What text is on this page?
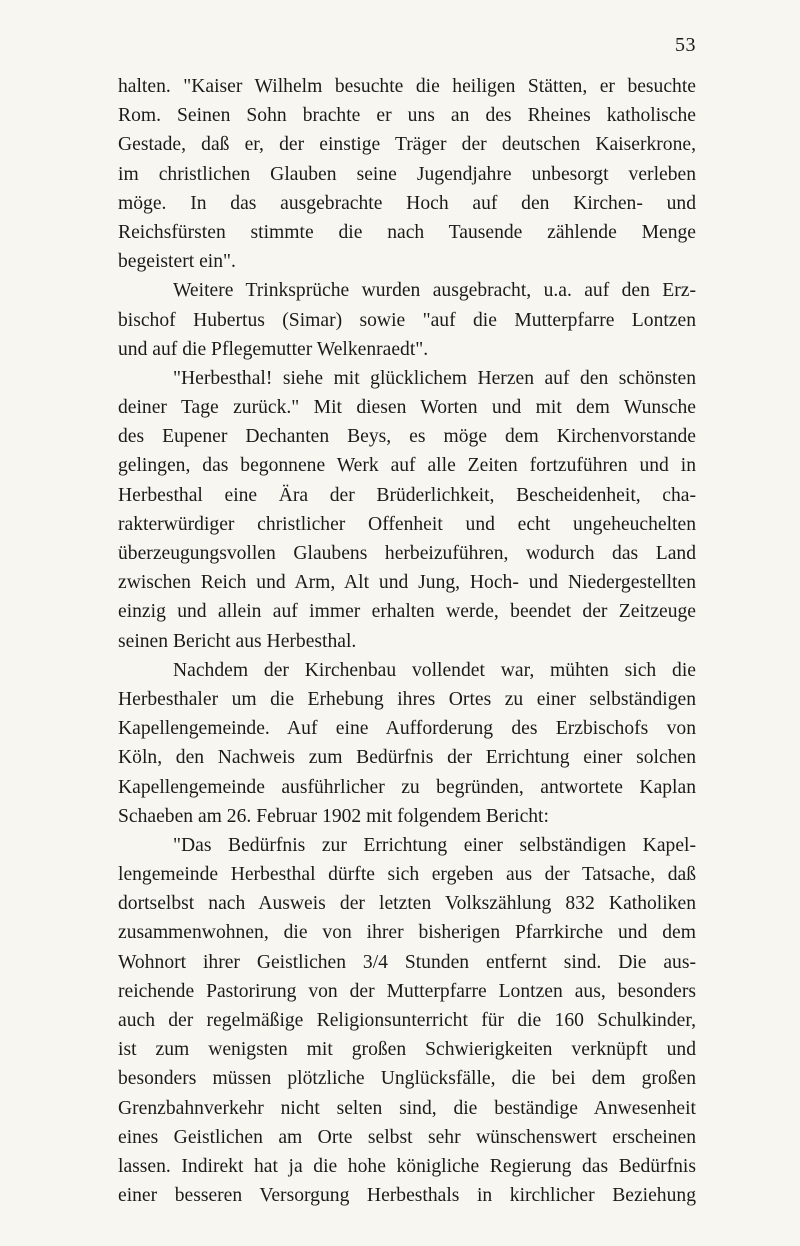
53
halten. "Kaiser Wilhelm besuchte die heiligen Stätten, er besuchte
Rom. Seinen Sohn brachte er uns an des Rheines katholische
Gestade, daß er, der einstige Träger der deutschen Kaiserkrone,
im christlichen Glauben seine Jugendjahre unbesorgt verleben
möge. In das ausgebrachte Hoch auf den Kirchen- und
Reichsfürsten stimmte die nach Tausende zählende Menge
begeistert ein".
Weitere Trinksprüche wurden ausgebracht, u.a. auf den Erz-
bischof Hubertus (Simar) sowie "auf die Mutterpfarre Lontzen
und auf die Pflegemutter Welkenraedt".
"Herbesthal! siehe mit glücklichem Herzen auf den schönsten
deiner Tage zurück." Mit diesen Worten und mit dem Wunsche
des Eupener Dechanten Beys, es möge dem Kirchenvorstande
gelingen, das begonnene Werk auf alle Zeiten fortzuführen und in
Herbesthal eine Ära der Brüderlichkeit, Bescheidenheit, cha-
rakterwürdiger christlicher Offenheit und echt ungeheuchelten
überzeugungsvollen Glaubens herbeizuführen, wodurch das Land
zwischen Reich und Arm, Alt und Jung, Hoch- und Niedergestellten
einzig und allein auf immer erhalten werde, beendet der Zeitzeuge
seinen Bericht aus Herbesthal.
Nachdem der Kirchenbau vollendet war, mühten sich die
Herbesthaler um die Erhebung ihres Ortes zu einer selbständigen
Kapellengemeinde. Auf eine Aufforderung des Erzbischofs von
Köln, den Nachweis zum Bedürfnis der Errichtung einer solchen
Kapellengemeinde ausführlicher zu begründen, antwortete Kaplan
Schaeben am 26. Februar 1902 mit folgendem Bericht:
"Das Bedürfnis zur Errichtung einer selbständigen Kapel-
lengemeinde Herbesthal dürfte sich ergeben aus der Tatsache, daß
dortselbst nach Ausweis der letzten Volkszählung 832 Katholiken
zusammenwohnen, die von ihrer bisherigen Pfarrkirche und dem
Wohnort ihrer Geistlichen 3/4 Stunden entfernt sind. Die aus-
reichende Pastorirung von der Mutterpfarre Lontzen aus, besonders
auch der regelmäßige Religionsunterricht für die 160 Schulkinder,
ist zum wenigsten mit großen Schwierigkeiten verknüpft und
besonders müssen plötzliche Unglücksfälle, die bei dem großen
Grenzbahnverkehr nicht selten sind, die beständige Anwesenheit
eines Geistlichen am Orte selbst sehr wünschenswert erscheinen
lassen. Indirekt hat ja die hohe königliche Regierung das Bedürfnis
einer besseren Versorgung Herbesthals in kirchlicher Beziehung
